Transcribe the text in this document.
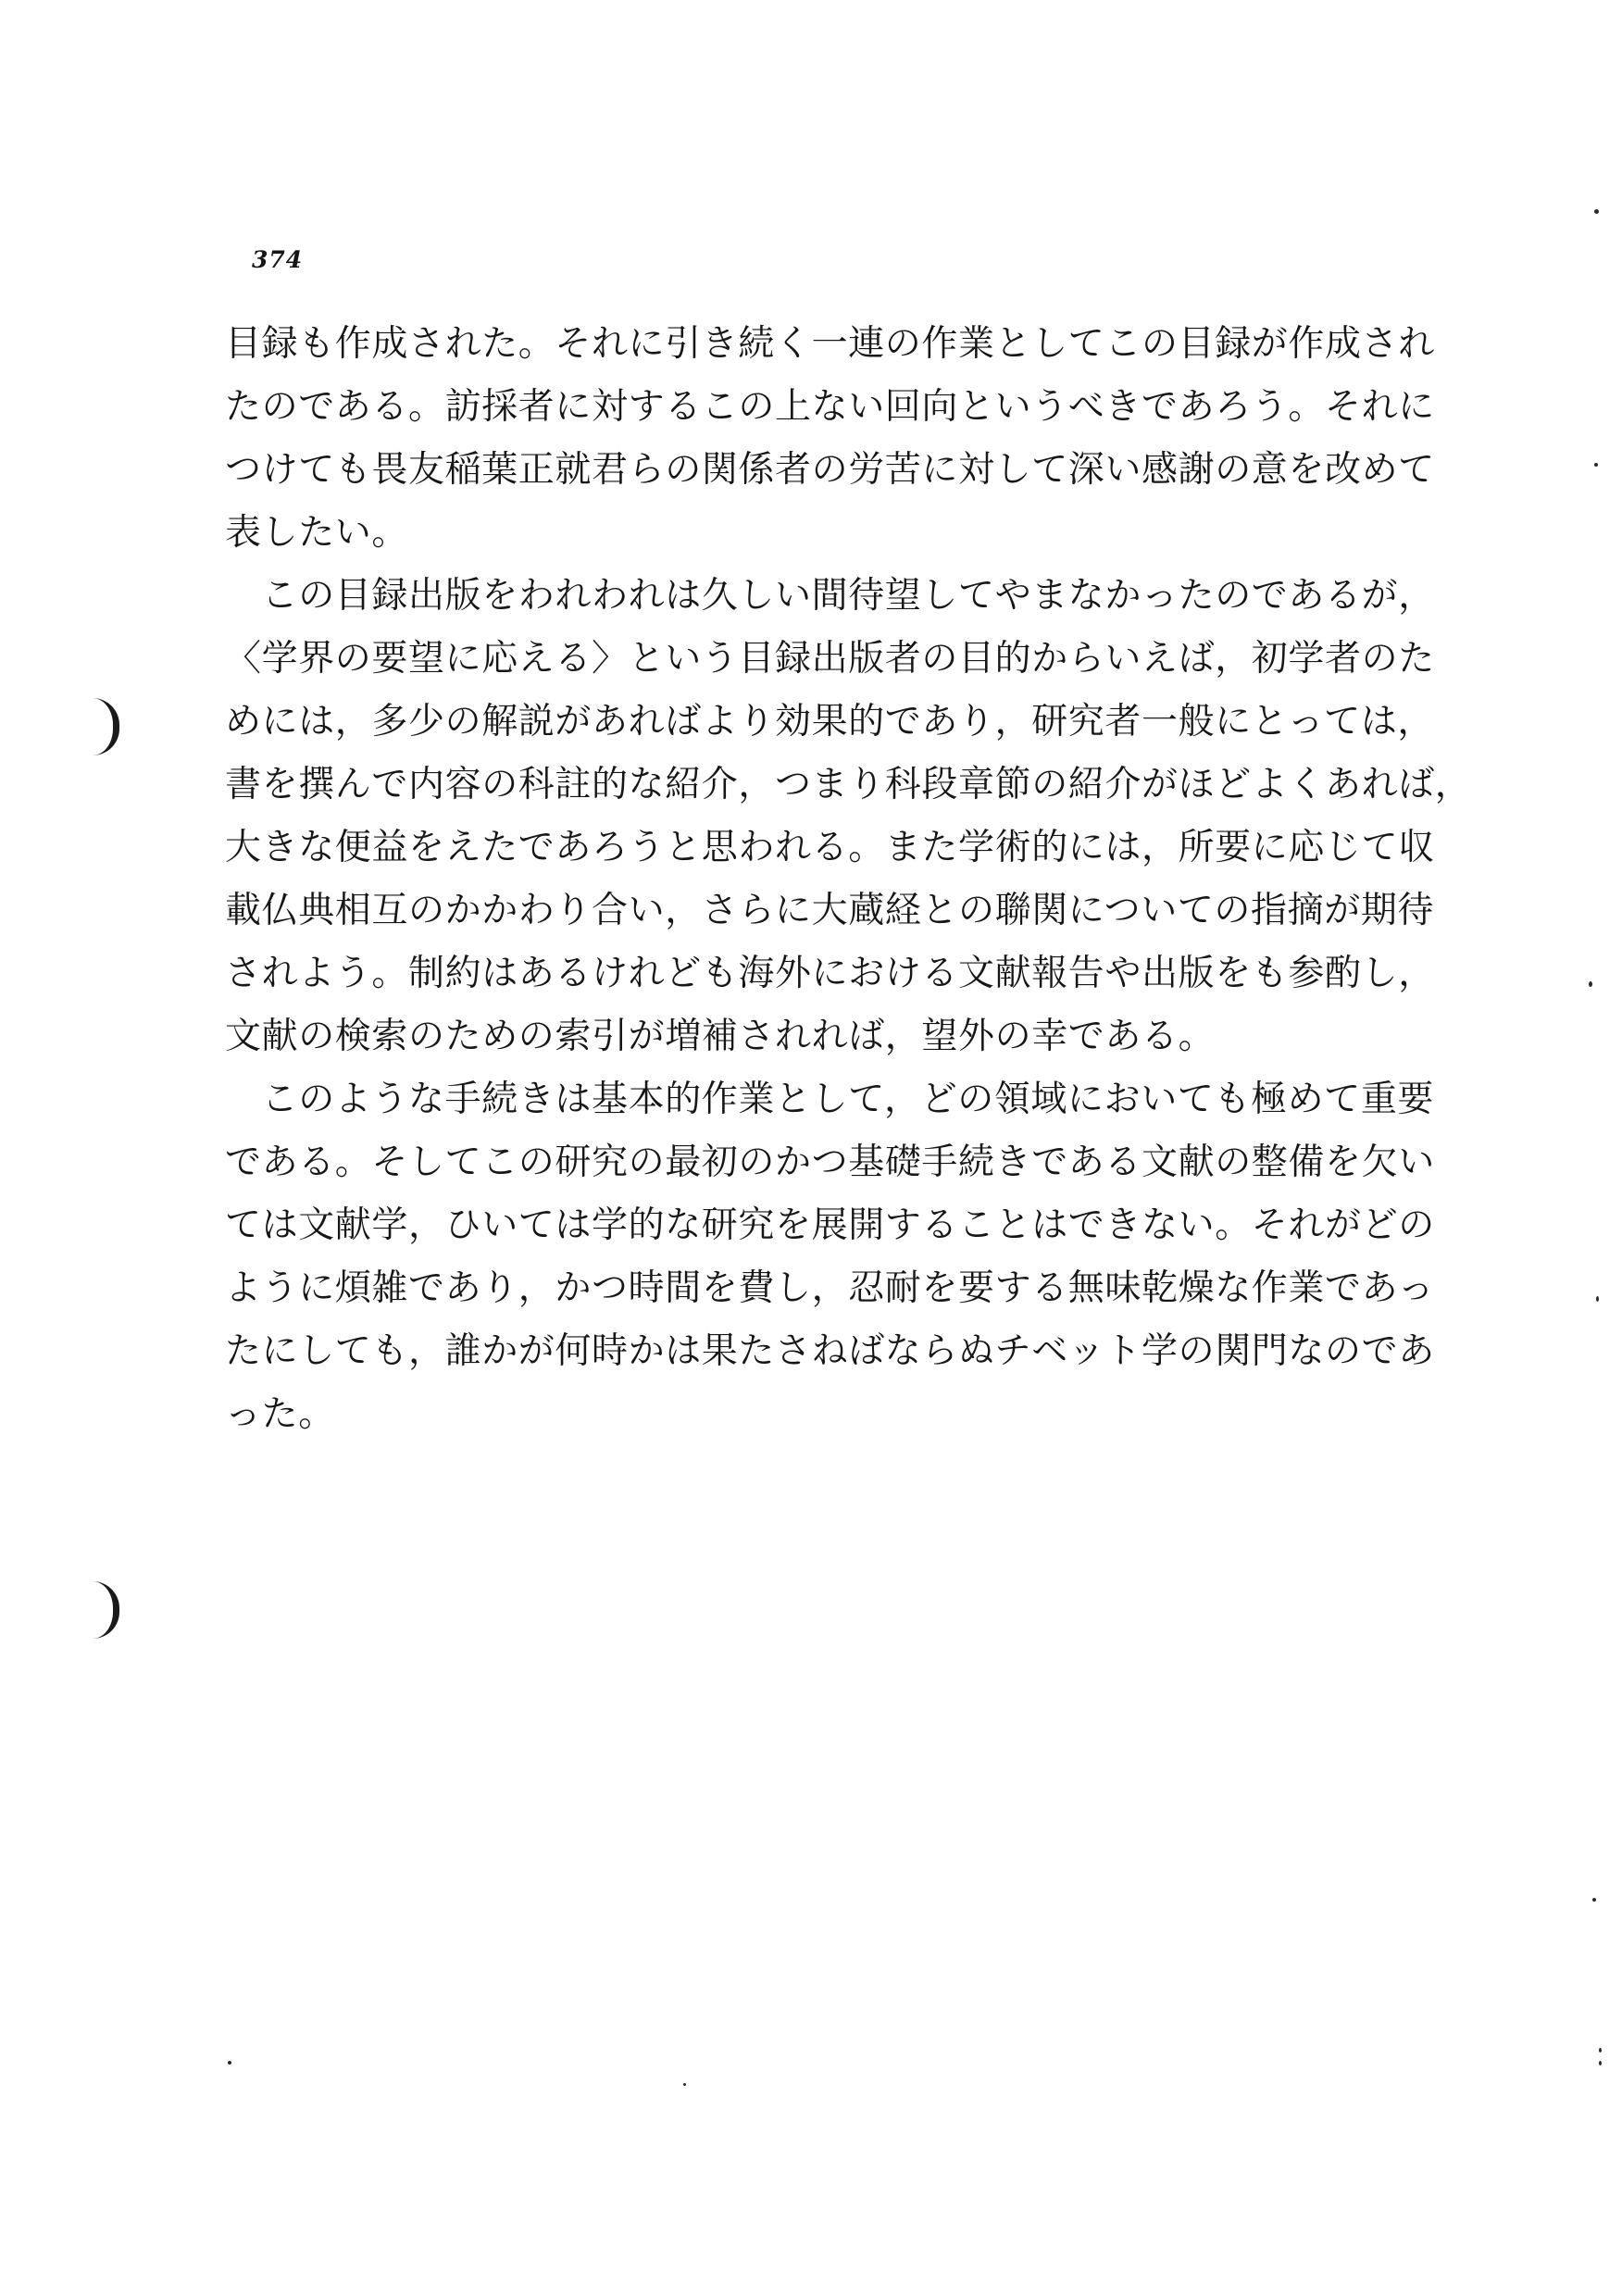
374
目録も作成された。それに引き続く一連の作業としてこの目録が作成され
たのである。訪採者に対するこの上ない回向というべきであろう。それに
つけても畏友稲葉正就君らの関係者の労苦に対して深い感謝の意を改めて
表したい。
　この目録出版をわれわれは久しい間待望してやまなかったのであるが，
〈学界の要望に応える〉という目録出版者の目的からいえば，初学者のた
めには，多少の解説があればより効果的であり，研究者一般にとっては，
書を撰んで内容の科註的な紹介，つまり科段章節の紹介がほどよくあれば，
大きな便益をえたであろうと思われる。また学術的には，所要に応じて収
載仏典相互のかかわり合い，さらに大蔵経との聯関についての指摘が期待
されよう。制約はあるけれども海外における文献報告や出版をも参酌し，
文献の検索のための索引が増補されれば，望外の幸である。
　このような手続きは基本的作業として，どの領域においても極めて重要
である。そしてこの研究の最初のかつ基礎手続きである文献の整備を欠い
ては文献学，ひいては学的な研究を展開することはできない。それがどの
ように煩雑であり，かつ時間を費し，忍耐を要する無味乾燥な作業であっ
たにしても，誰かが何時かは果たさねばならぬチベット学の関門なのであ
った。
